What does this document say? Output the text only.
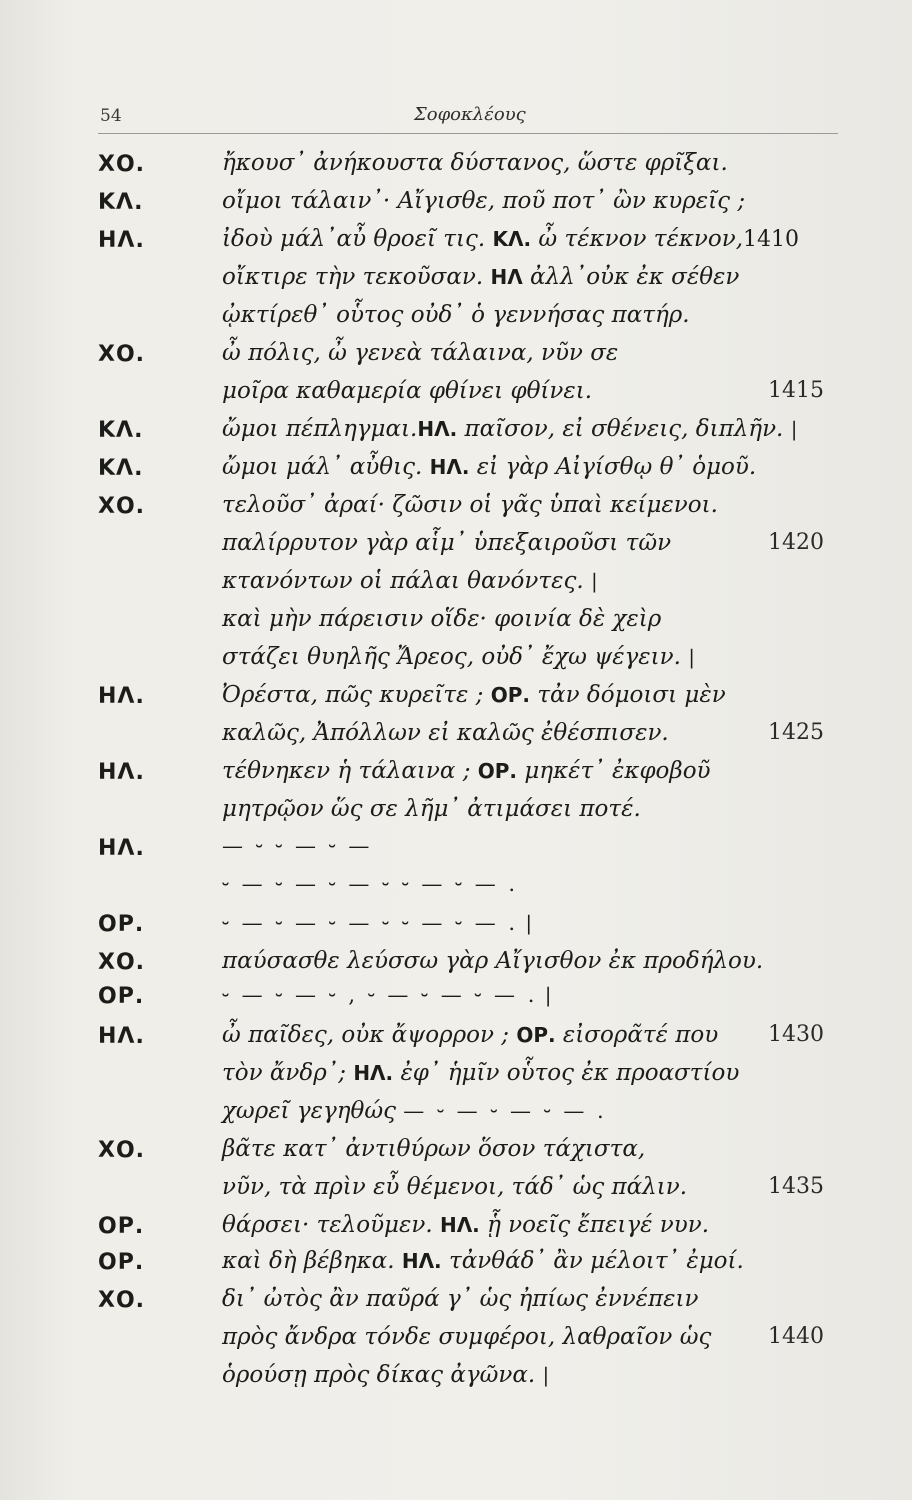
54	Σοφοκλέους
ΧΟ.	ἤκουσ᾽ ἀνήκουστα δύστανος, ὥστε φρῖξαι.
ΚΛ.	οἴμοι τάλαιν᾽· Αἴγισθε, ποῦ ποτ᾽ ὢν κυρεῖς ;
ΗΛ.	ἰδοὺ μάλ᾽αὖ θροεῖ τις. ΚΛ. ὦ τέκνον τέκνον,1410
οἴκτιρε τὴν τεκοῦσαν. ΗΛ ἀλλ᾽οὐκ ἐκ σέθεν
ᾠκτίρεθ᾽ οὗτος οὐδ᾽ ὁ γεννήσας πατήρ.
ΧΟ.	ὦ πόλις, ὦ γενεὰ τάλαινα, νῦν σε
μοῖρα καθαμερία φθίνει φθίνει.	1415
ΚΛ.	ὤμοι πέπληγμαι.ΗΛ. παῖσον, εἰ σθένεις, διπλῆν. |
ΚΛ.	ὤμοι μάλ᾽ αὖθις. ΗΛ. εἰ γὰρ Αἰγίσθῳ θ᾽ ὁμοῦ.
ΧΟ.	τελοῦσ᾽ ἀραί· ζῶσιν οἱ γᾶς ὑπαὶ κείμενοι.
παλίρρυτον γὰρ αἷμ᾽ ὑπεξαιροῦσι τῶν	1420
κτανόντων οἱ πάλαι θανόντες. |
καὶ μὴν πάρεισιν οἵδε· φοινία δὲ χεὶρ
στάζει θυηλῆς Ἄρεος, οὐδ᾽ ἔχω ψέγειν. |
ΗΛ.	Ὀρέστα, πῶς κυρεῖτε ; ΟΡ. τἀν δόμοισι μὲν
καλῶς, Ἀπόλλων εἰ καλῶς ἐθέσπισεν.	1425
ΗΛ.	τέθνηκεν ἡ τάλαινα ; ΟΡ. μηκέτ᾽ ἐκφοβοῦ
μητρῷον ὥς σε λῆμ᾽ ἀτιμάσει ποτέ.
ΗΛ.	— ⏑ ⏑ — ⏑ —
⏑ — ⏑ — ⏑ — ⏑ ⏑ — ⏑ — .
ΟΡ.	⏑ — ⏑ — ⏑ — ⏑ ⏑ — ⏑ — . |
ΧΟ.	παύσασθε λεύσσω γὰρ Αἴγισθον ἐκ προδήλου.
ΟΡ.	⏑ — ⏑ — ⏑ , ⏑ — ⏑ — ⏑ — . |
ΗΛ.	ὦ παῖδες, οὐκ ἄψορρον ; ΟΡ. εἰσορᾶτέ που 1430
τὸν ἄνδρ᾽; ΗΛ. ἐφ᾽ ἡμῖν οὗτος ἐκ προαστίου
χωρεῖ γεγηθώς — ⏑ — ⏑ — ⏑ — .
ΧΟ.	βᾶτε κατ᾽ ἀντιθύρων ὅσον τάχιστα,
νῦν, τὰ πρὶν εὖ θέμενοι, τάδ᾽ ὡς πάλιν.	1435
ΟΡ.	θάρσει· τελοῦμεν. ΗΛ. ᾗ νοεῖς ἔπειγέ νυν.
ΟΡ.	καὶ δὴ βέβηκα. ΗΛ. τἀνθάδ᾽ ἂν μέλοιτ᾽ ἐμοί.
ΧΟ.	δι᾽ ὠτὸς ἂν παῦρά γ᾽ ὡς ἠπίως ἐννέπειν
πρὸς ἄνδρα τόνδε συμφέροι, λαθραῖον ὡς	1440
ὁρούσῃ πρὸς δίκας ἀγῶνα. |
